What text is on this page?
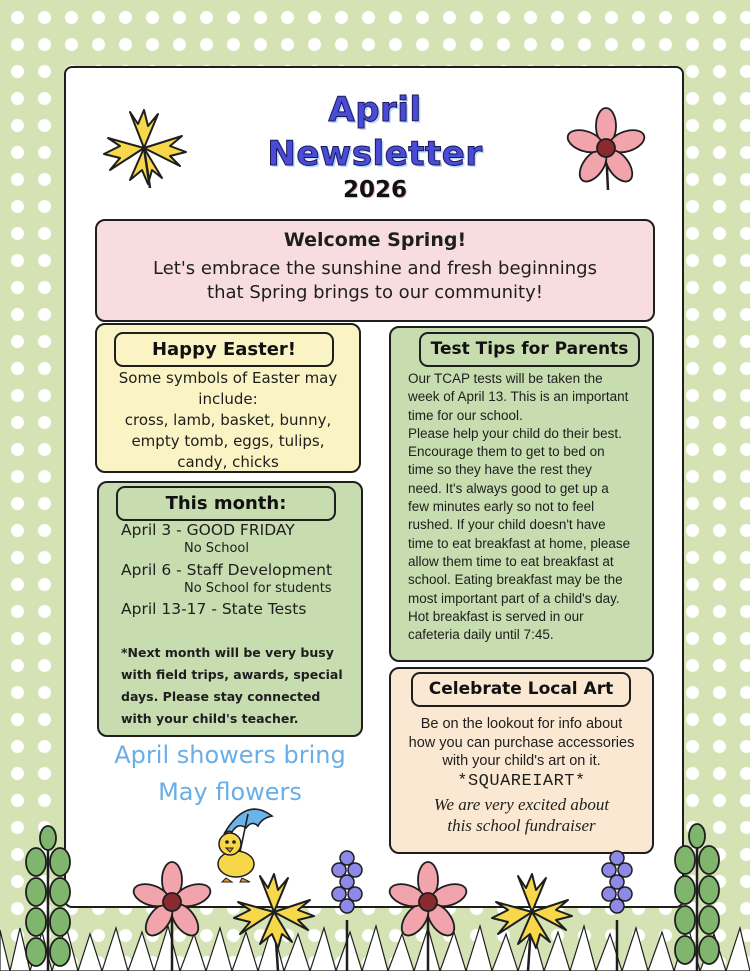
April
Newsletter
2026
Welcome Spring!
Let's embrace the sunshine and fresh beginnings
that Spring brings to our community!
Happy Easter!
Some symbols of Easter may
include:
cross, lamb, basket, bunny,
empty tomb, eggs, tulips,
candy, chicks
This month:
April 3 - GOOD FRIDAY
No School
April 6 - Staff Development
No School for students
April 13-17 - State Tests
*Next month will be very busy
with field trips, awards, special
days. Please stay connected
with your child's teacher.
April showers bring
May flowers
Test Tips for Parents
Our TCAP tests will be taken the
week of April 13. This is an important
time for our school.
Please help your child do their best.
Encourage them to get to bed on
time so they have the rest they
need. It's always good to get up a
few minutes early so not to feel
rushed. If your child doesn't have
time to eat breakfast at home, please
allow them time to eat breakfast at
school. Eating breakfast may be the
most important part of a child's day.
Hot breakfast is served in our
cafeteria daily until 7:45.
Celebrate Local Art
Be on the lookout for info about
how you can purchase accessories
with your child's art on it.
*SQUAREIART*
We are very excited about
this school fundraiser
